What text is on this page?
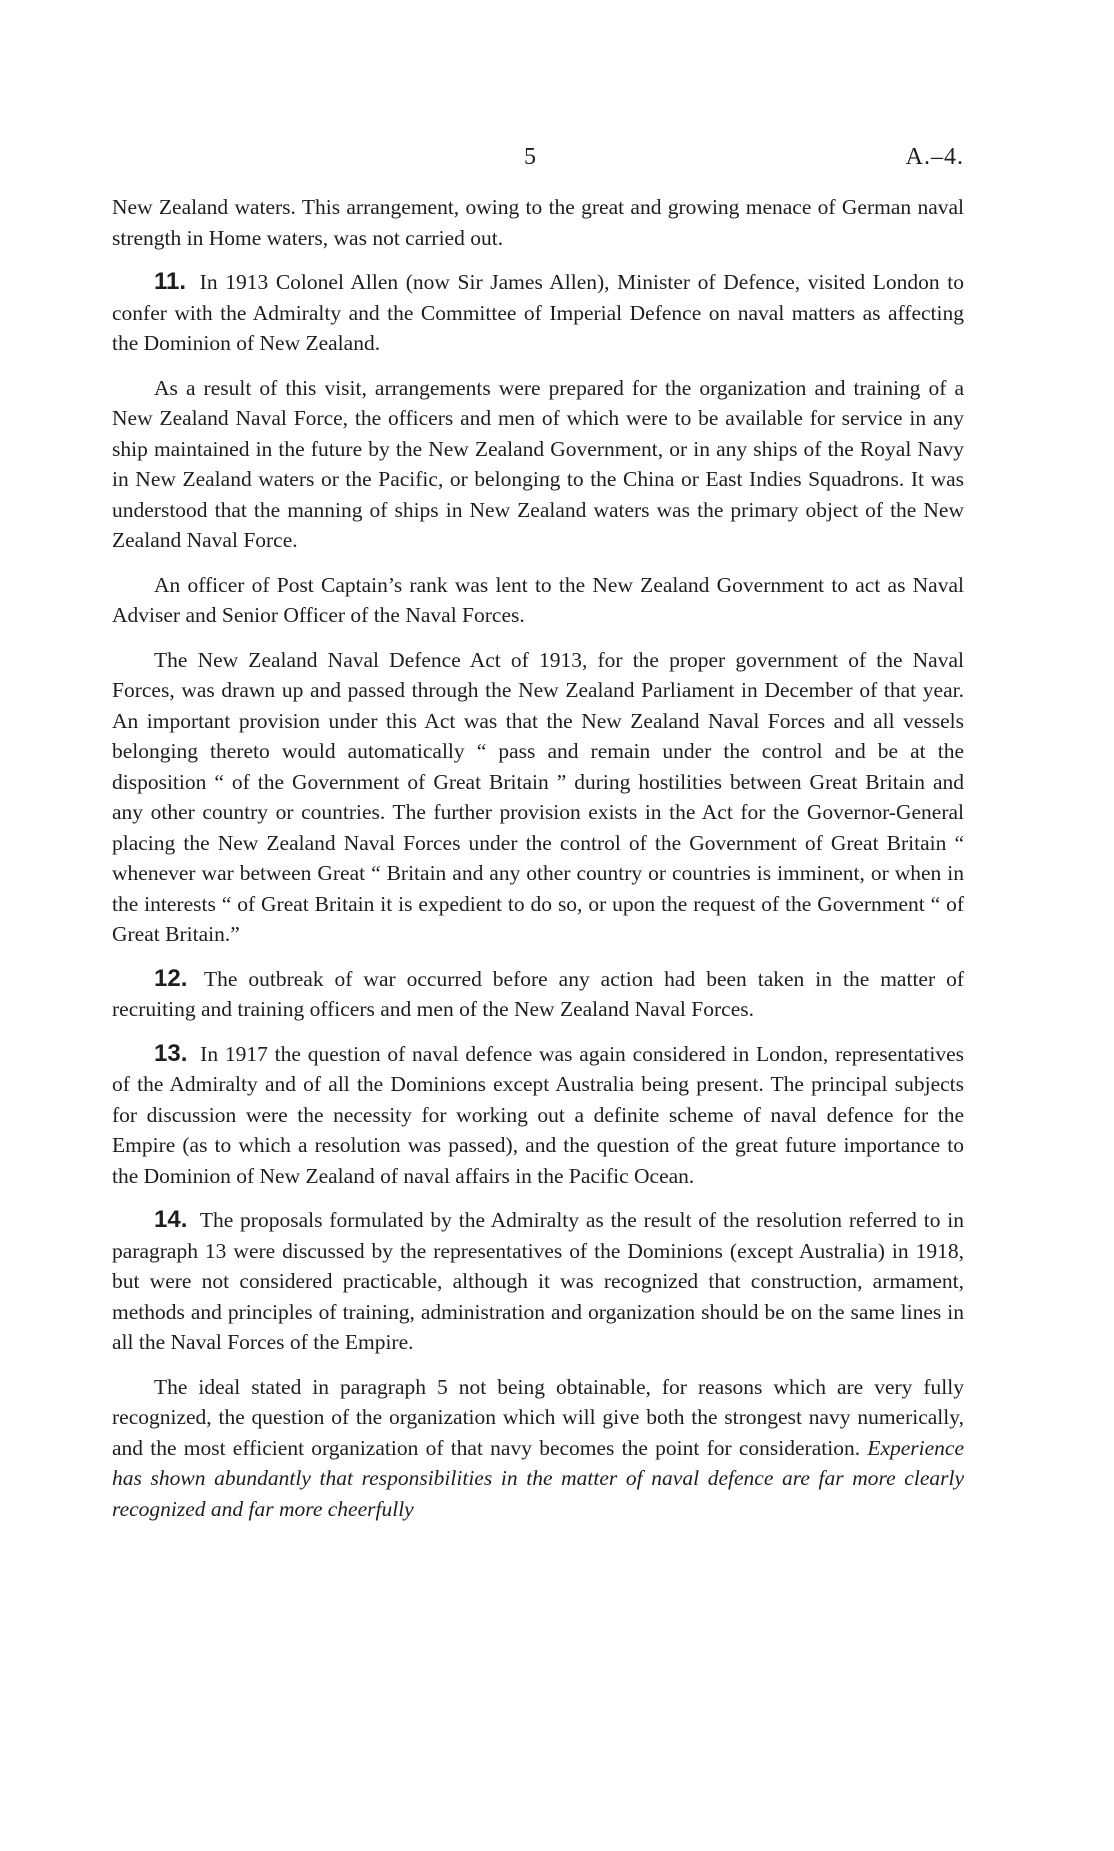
5	A.–4.

New Zealand waters. This arrangement, owing to the great and growing menace of German naval strength in Home waters, was not carried out.

11. In 1913 Colonel Allen (now Sir James Allen), Minister of Defence, visited London to confer with the Admiralty and the Committee of Imperial Defence on naval matters as affecting the Dominion of New Zealand.

As a result of this visit, arrangements were prepared for the organization and training of a New Zealand Naval Force, the officers and men of which were to be available for service in any ship maintained in the future by the New Zealand Government, or in any ships of the Royal Navy in New Zealand waters or the Pacific, or belonging to the China or East Indies Squadrons. It was understood that the manning of ships in New Zealand waters was the primary object of the New Zealand Naval Force.

An officer of Post Captain’s rank was lent to the New Zealand Government to act as Naval Adviser and Senior Officer of the Naval Forces.

The New Zealand Naval Defence Act of 1913, for the proper government of the Naval Forces, was drawn up and passed through the New Zealand Parliament in December of that year. An important provision under this Act was that the New Zealand Naval Forces and all vessels belonging thereto would automatically “ pass and remain under the control and be at the disposition “ of the Government of Great Britain ” during hostilities between Great Britain and any other country or countries. The further provision exists in the Act for the Governor-General placing the New Zealand Naval Forces under the control of the Government of Great Britain “ whenever war between Great “ Britain and any other country or countries is imminent, or when in the interests “ of Great Britain it is expedient to do so, or upon the request of the Government “ of Great Britain.”

12. The outbreak of war occurred before any action had been taken in the matter of recruiting and training officers and men of the New Zealand Naval Forces.

13. In 1917 the question of naval defence was again considered in London, representatives of the Admiralty and of all the Dominions except Australia being present. The principal subjects for discussion were the necessity for working out a definite scheme of naval defence for the Empire (as to which a resolution was passed), and the question of the great future importance to the Dominion of New Zealand of naval affairs in the Pacific Ocean.

14. The proposals formulated by the Admiralty as the result of the resolution referred to in paragraph 13 were discussed by the representatives of the Dominions (except Australia) in 1918, but were not considered practicable, although it was recognized that construction, armament, methods and principles of training, administration and organization should be on the same lines in all the Naval Forces of the Empire.

The ideal stated in paragraph 5 not being obtainable, for reasons which are very fully recognized, the question of the organization which will give both the strongest navy numerically, and the most efficient organization of that navy becomes the point for consideration. Experience has shown abundantly that responsibilities in the matter of naval defence are far more clearly recognized and far more cheerfully
